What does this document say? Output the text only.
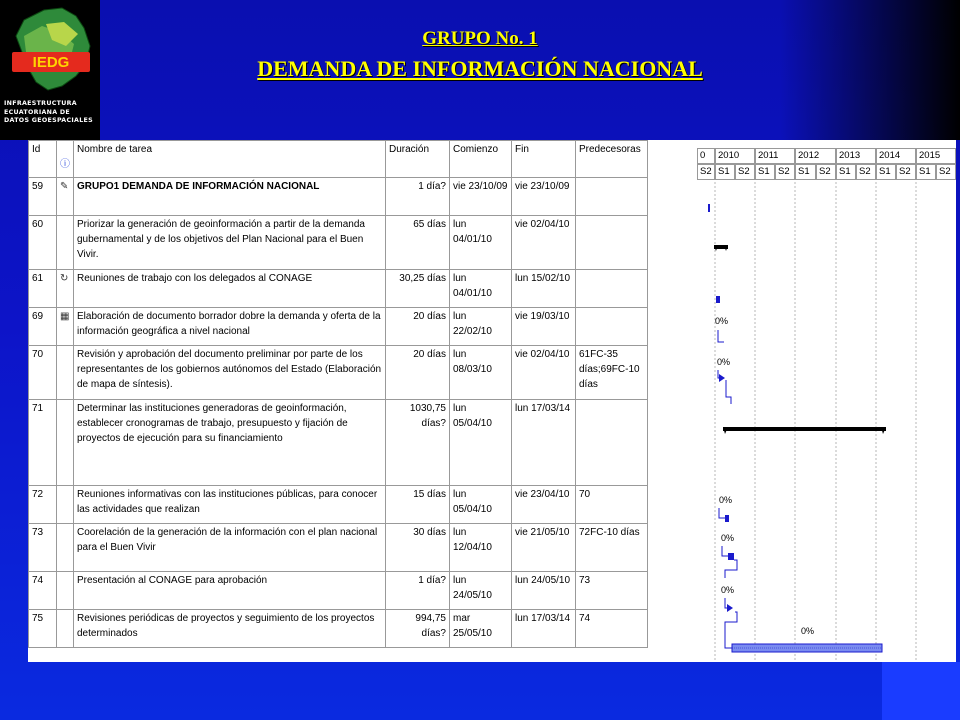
IEDG
INFRAESTRUCTURA
ECUATORIANA DE
DATOS GEOESPACIALES
GRUPO No. 1
DEMANDA DE INFORMACIÓN NACIONAL
Id	ⓘ	Nombre de tarea	Duración	Comienzo	Fin	Predecesoras
59	✎	GRUPO1 DEMANDA DE INFORMACIÓN NACIONAL	1 día?	vie 23/10/09	vie 23/10/09	
60		Priorizar la generación de geoinformación a partir de la demanda gubernamental y de los objetivos del Plan Nacional para el Buen Vivir.	65 días	lun 04/01/10	vie 02/04/10	
61	↻	Reuniones de trabajo con los delegados al CONAGE	30,25 días	lun 04/01/10	lun 15/02/10	
69	▦	Elaboración de documento borrador dobre la demanda y oferta de la información geográfica a nivel nacional	20 días	lun 22/02/10	vie 19/03/10	
70		Revisión y aprobación del documento preliminar por parte de los representantes de los gobiernos autónomos del Estado (Elaboración de mapa de síntesis).	20 días	lun 08/03/10	vie 02/04/10	61FC-35 días;69FC-10 días
71		Determinar las instituciones generadoras de geoinformación, establecer cronogramas de trabajo, presupuesto y fijación de proyectos de ejecución para su financiamiento	1030,75 días?	lun 05/04/10	lun 17/03/14	
72		Reuniones informativas con las instituciones públicas, para conocer las actividades que realizan	15 días	lun 05/04/10	vie 23/04/10	70
73		Coorelación de la generación de la información con el plan nacional para el Buen Vivir	30 días	lun 12/04/10	vie 21/05/10	72FC-10 días
74		Presentación al CONAGE para aprobación	1 día?	lun 24/05/10	lun 24/05/10	73
75		Revisiones periódicas de proyectos y seguimiento de los proyectos determinados	994,75 días?	mar 25/05/10	lun 17/03/14	74
0	2010	2011	2012	2013	2014	2015
S2 S1 S2 S1 S2 S1 S2 S1 S2 S1 S2 S1 S2
0%
0%
0%
0%
0%
0%
